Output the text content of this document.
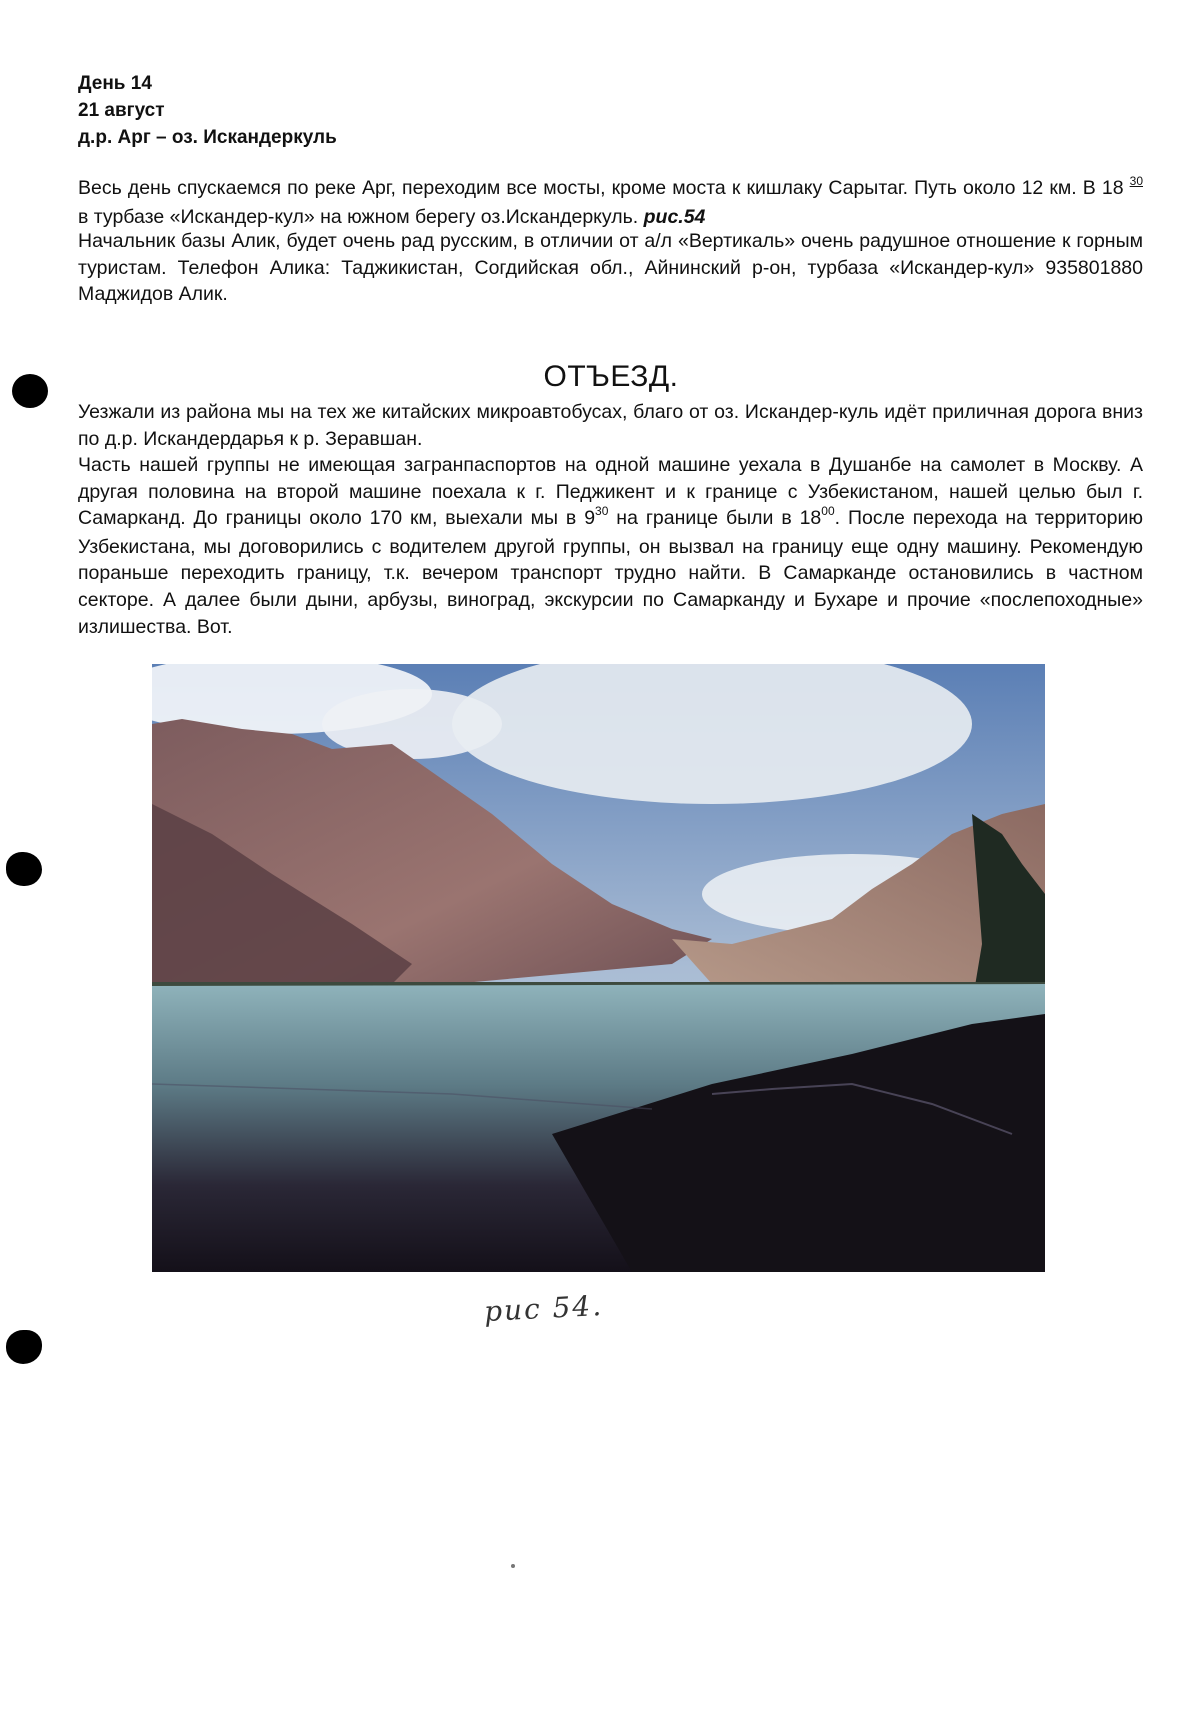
День 14
21 август
д.р. Арг – оз. Искандеркуль
Весь день спускаемся по реке Арг, переходим все мосты, кроме моста к кишлаку Сарытаг. Путь около 12 км. В 18 $^{30}$ в турбазе «Искандер-кул» на южном берегу оз.Искандеркуль. рис.54
Начальник базы Алик, будет очень рад русским, в отличии от а/л «Вертикаль» очень радушное отношение к горным туристам. Телефон Алика: Таджикистан, Согдийская обл., Айнинский р-он, турбаза «Искандер-кул» 935801880 Маджидов Алик.
ОТЪЕЗД.
Уезжали из района мы на тех же китайских микроавтобусах, благо от оз. Искандер-куль идёт приличная дорога вниз по д.р. Искандердарья к р. Зеравшан.
Часть нашей группы не имеющая загранпаспортов на одной машине уехала в Душанбе на самолет в Москву. А другая половина на второй машине поехала к г. Педжикент и к границе с Узбекистаном, нашей целью был г. Самарканд. До границы около 170 км, выехали мы в $9^{30}$ на границе были в $18^{00}$. После перехода на территорию Узбекистана, мы договорились с водителем другой группы, он вызвал на границу еще одну машину. Рекомендую пораньше переходить границу, т.к. вечером транспорт трудно найти. В Самарканде остановились в частном секторе. А далее были дыни, арбузы, виноград, экскурсии по Самарканду и Бухаре и прочие «послепоходные» излишества. Вот.
рис 54.
